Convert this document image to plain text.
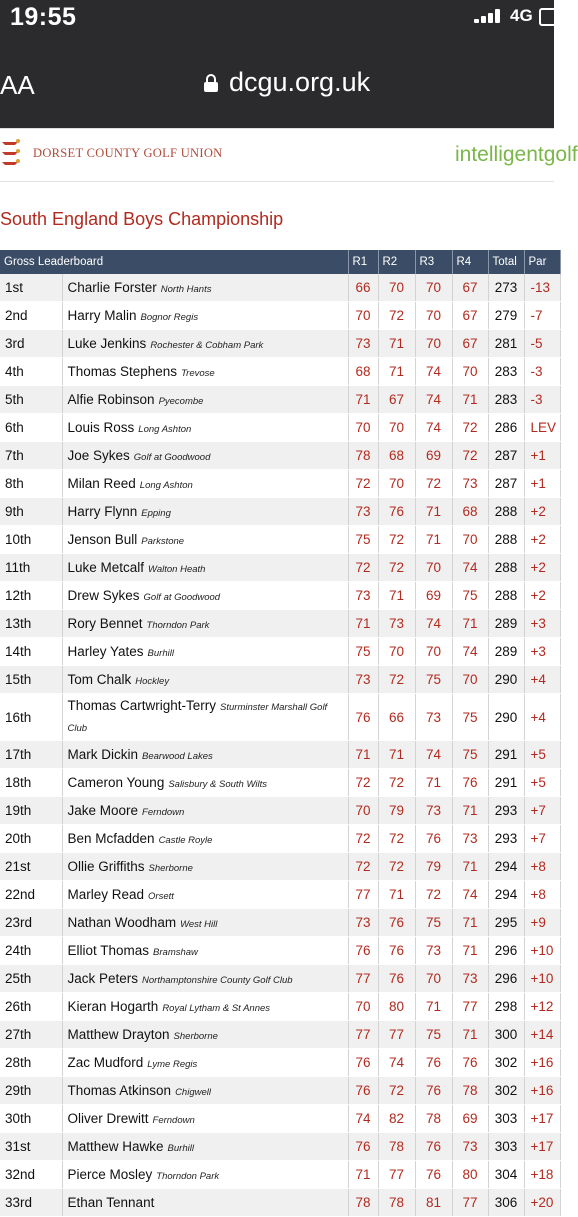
19:55	4G
AA	dcgu.org.uk
DORSET COUNTY GOLF UNION	intelligentgolf
South England Boys Championship
Gross Leaderboard		R1	R2	R3	R4	Total	Par
1st	Charlie Forster North Hants	66	70	70	67	273	-13
2nd	Harry Malin Bognor Regis	70	72	70	67	279	-7
3rd	Luke Jenkins Rochester & Cobham Park	73	71	70	67	281	-5
4th	Thomas Stephens Trevose	68	71	74	70	283	-3
5th	Alfie Robinson Pyecombe	71	67	74	71	283	-3
6th	Louis Ross Long Ashton	70	70	74	72	286	LEV
7th	Joe Sykes Golf at Goodwood	78	68	69	72	287	+1
8th	Milan Reed Long Ashton	72	70	72	73	287	+1
9th	Harry Flynn Epping	73	76	71	68	288	+2
10th	Jenson Bull Parkstone	75	72	71	70	288	+2
11th	Luke Metcalf Walton Heath	72	72	70	74	288	+2
12th	Drew Sykes Golf at Goodwood	73	71	69	75	288	+2
13th	Rory Bennet Thorndon Park	71	73	74	71	289	+3
14th	Harley Yates Burhill	75	70	70	74	289	+3
15th	Tom Chalk Hockley	73	72	75	70	290	+4
16th	Thomas Cartwright-Terry Sturminster Marshall Golf Club	76	66	73	75	290	+4
17th	Mark Dickin Bearwood Lakes	71	71	74	75	291	+5
18th	Cameron Young Salisbury & South Wilts	72	72	71	76	291	+5
19th	Jake Moore Ferndown	70	79	73	71	293	+7
20th	Ben Mcfadden Castle Royle	72	72	76	73	293	+7
21st	Ollie Griffiths Sherborne	72	72	79	71	294	+8
22nd	Marley Read Orsett	77	71	72	74	294	+8
23rd	Nathan Woodham West Hill	73	76	75	71	295	+9
24th	Elliot Thomas Bramshaw	76	76	73	71	296	+10
25th	Jack Peters Northamptonshire County Golf Club	77	76	70	73	296	+10
26th	Kieran Hogarth Royal Lytham & St Annes	70	80	71	77	298	+12
27th	Matthew Drayton Sherborne	77	77	75	71	300	+14
28th	Zac Mudford Lyme Regis	76	74	76	76	302	+16
29th	Thomas Atkinson Chigwell	76	72	76	78	302	+16
30th	Oliver Drewitt Ferndown	74	82	78	69	303	+17
31st	Matthew Hawke Burhill	76	78	76	73	303	+17
32nd	Pierce Mosley Thorndon Park	71	77	76	80	304	+18
33rd	Ethan Tennant	78	78	81	77	306	+20
